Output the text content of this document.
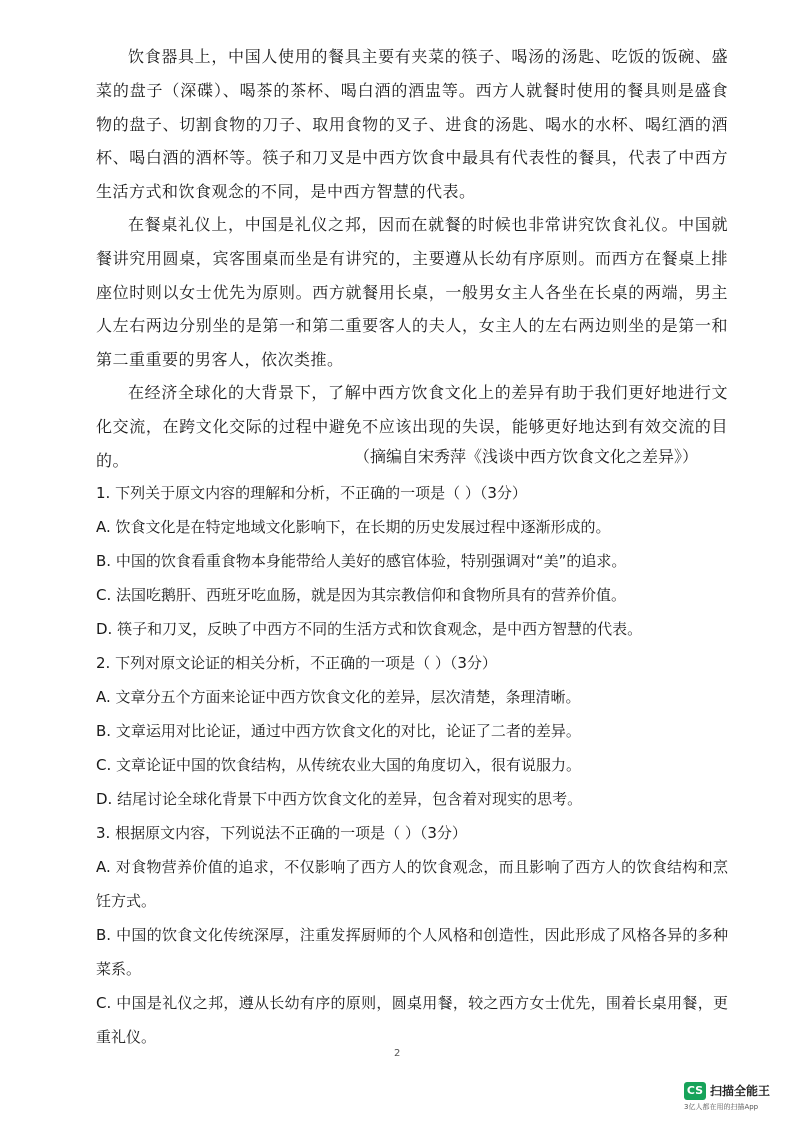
饮食器具上，中国人使用的餐具主要有夹菜的筷子、喝汤的汤匙、吃饭的饭碗、盛菜的盘子（深碟）、喝茶的茶杯、喝白酒的酒盅等。西方人就餐时使用的餐具则是盛食物的盘子、切割食物的刀子、取用食物的叉子、进食的汤匙、喝水的水杯、喝红酒的酒杯、喝白酒的酒杯等。筷子和刀叉是中西方饮食中最具有代表性的餐具，代表了中西方生活方式和饮食观念的不同，是中西方智慧的代表。

在餐桌礼仪上，中国是礼仪之邦，因而在就餐的时候也非常讲究饮食礼仪。中国就餐讲究用圆桌，宾客围桌而坐是有讲究的，主要遵从长幼有序原则。而西方在餐桌上排座位时则以女士优先为原则。西方就餐用长桌，一般男女主人各坐在长桌的两端，男主人左右两边分别坐的是第一和第二重要客人的夫人，女主人的左右两边则坐的是第一和第二重重要的男客人，依次类推。

在经济全球化的大背景下，了解中西方饮食文化上的差异有助于我们更好地进行文化交流，在跨文化交际的过程中避免不应该出现的失误，能够更好地达到有效交流的目的。	（摘编自宋秀萍《浅谈中西方饮食文化之差异》）

1. 下列关于原文内容的理解和分析，不正确的一项是（ ）（3分）

A. 饮食文化是在特定地域文化影响下，在长期的历史发展过程中逐渐形成的。

B. 中国的饮食看重食物本身能带给人美好的感官体验，特别强调对“美”的追求。

C. 法国吃鹅肝、西班牙吃血肠，就是因为其宗教信仰和食物所具有的营养价值。

D. 筷子和刀叉，反映了中西方不同的生活方式和饮食观念，是中西方智慧的代表。

2. 下列对原文论证的相关分析，不正确的一项是（ ）（3分）

A. 文章分五个方面来论证中西方饮食文化的差异，层次清楚，条理清晰。

B. 文章运用对比论证，通过中西方饮食文化的对比，论证了二者的差异。

C. 文章论证中国的饮食结构，从传统农业大国的角度切入，很有说服力。

D. 结尾讨论全球化背景下中西方饮食文化的差异，包含着对现实的思考。

3. 根据原文内容，下列说法不正确的一项是（ ）（3分）

A. 对食物营养价值的追求，不仅影响了西方人的饮食观念，而且影响了西方人的饮食结构和烹饪方式。

B. 中国的饮食文化传统深厚，注重发挥厨师的个人风格和创造性，因此形成了风格各异的多种菜系。

C. 中国是礼仪之邦，遵从长幼有序的原则，圆桌用餐，较之西方女士优先，围着长桌用餐，更重礼仪。

2
CS 扫描全能王
3亿人都在用的扫描App
